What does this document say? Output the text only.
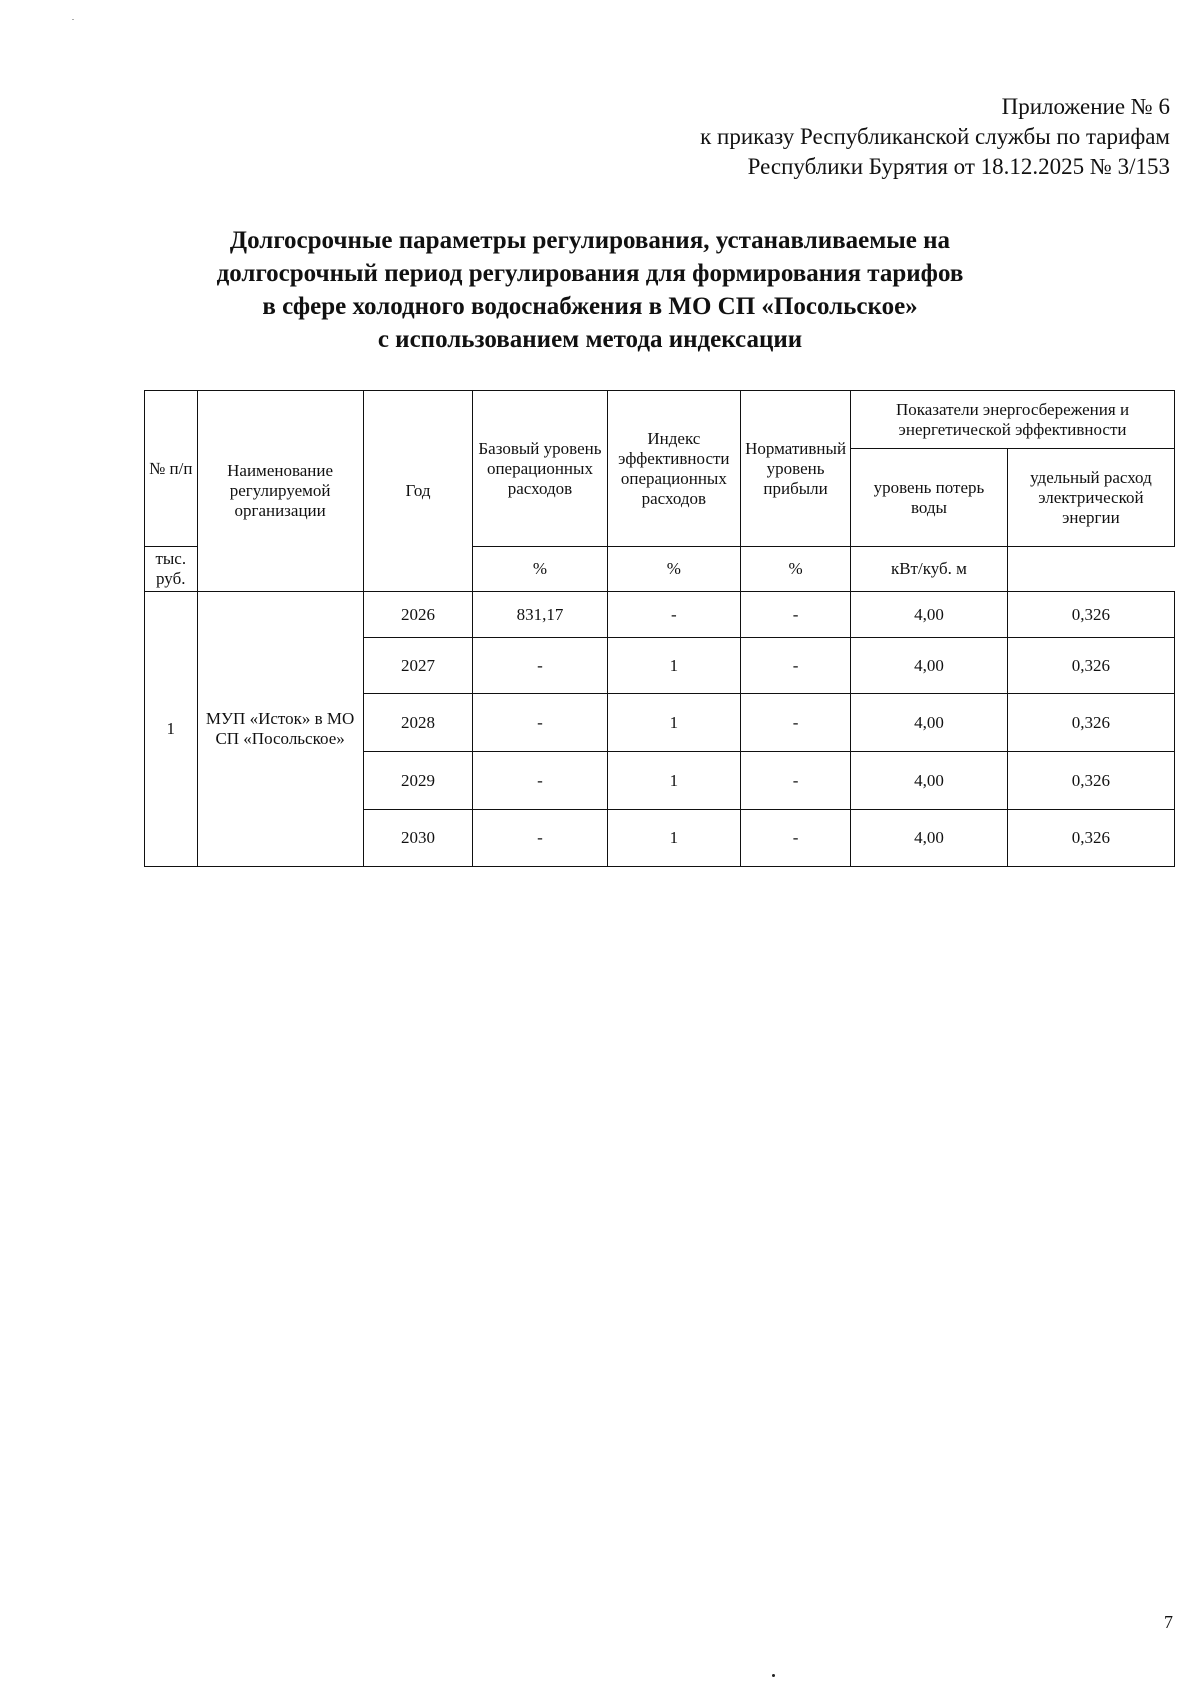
Приложение № 6
к приказу Республиканской службы по тарифам
Республики Бурятия от 18.12.2025 № 3/153
Долгосрочные параметры регулирования, устанавливаемые на
долгосрочный период регулирования для формирования тарифов
в сфере холодного водоснабжения в МО СП «Посольское»
с использованием метода индексации
№ п/п	Наименование регулируемой организации	Год	Базовый уровень операционных расходов	Индекс эффективности операционных расходов	Нормативный уровень прибыли	Показатели энергосбережения и энергетической эффективности	
						уровень потерь воды	удельный расход электрической энергии
тыс. руб.			%	%	%	кВт/куб. м	
1	МУП «Исток» в МО СП «Посольское»	2026	831,17	-	-	4,00	0,326
		2027	-	1	-	4,00	0,326
		2028	-	1	-	4,00	0,326
		2029	-	1	-	4,00	0,326
		2030	-	1	-	4,00	0,326
7
